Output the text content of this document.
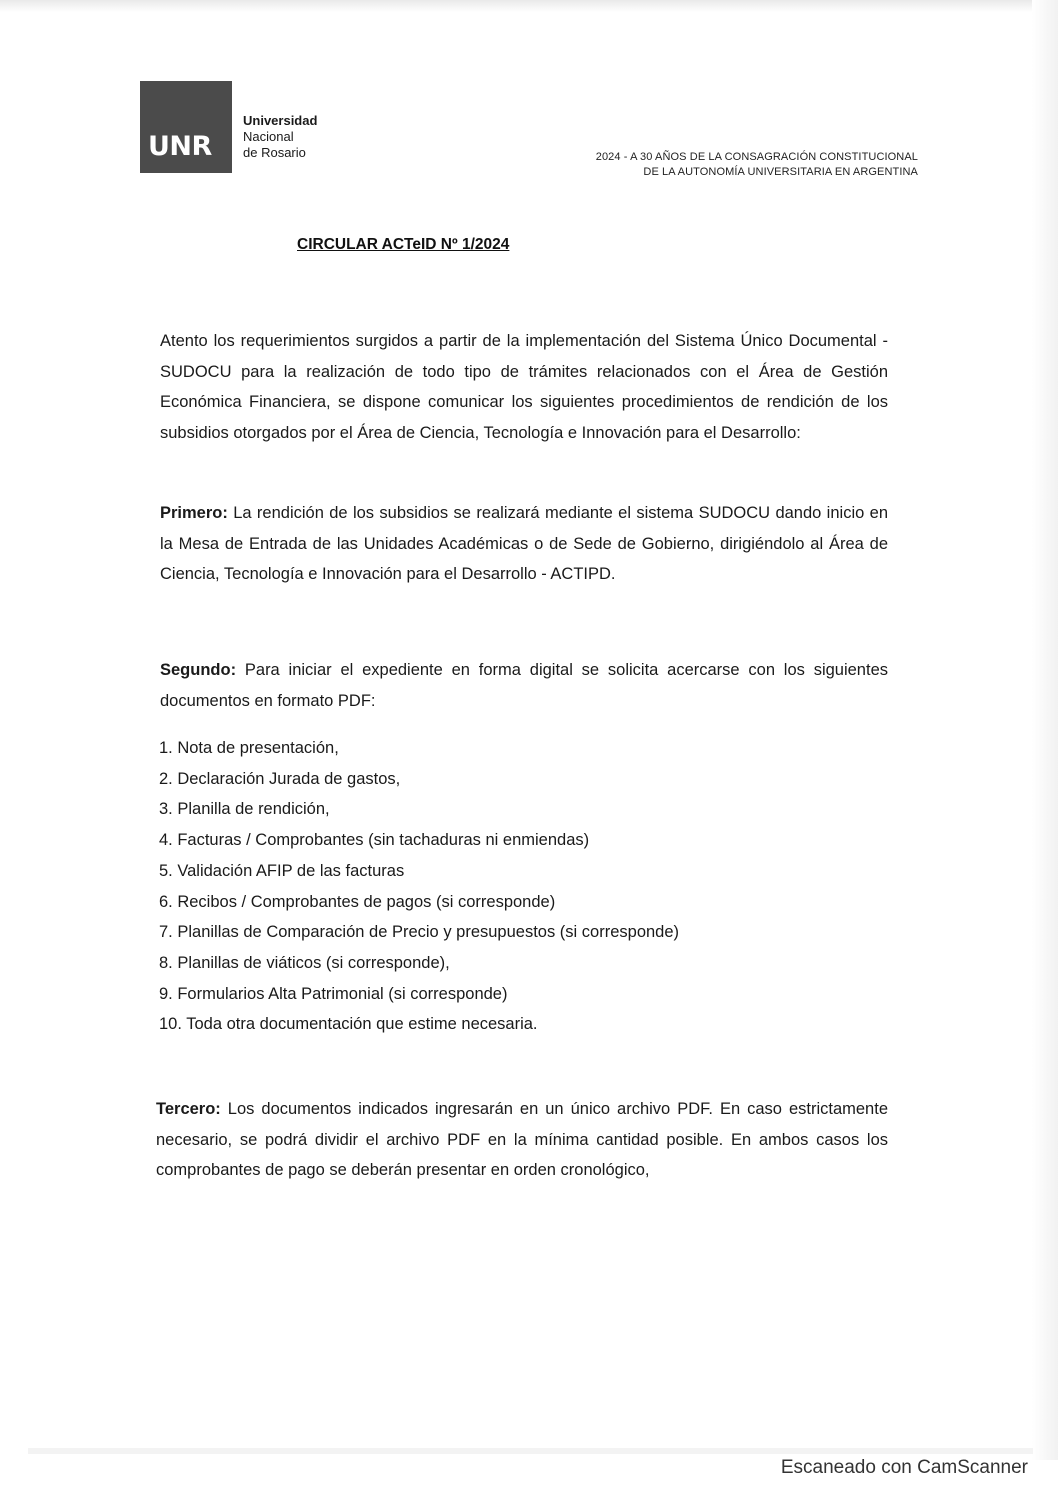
UNR
Universidad
Nacional
de Rosario	2024 - A 30 AÑOS DE LA CONSAGRACIÓN CONSTITUCIONAL
DE LA AUTONOMÍA UNIVERSITARIA EN ARGENTINA
CIRCULAR ACTeID Nº 1/2024
Atento los requerimientos surgidos a partir de la implementación del Sistema Único Documental -SUDOCU para la realización de todo tipo de trámites relacionados con el Área de Gestión Económica Financiera, se dispone comunicar los siguientes procedimientos de rendición de los subsidios otorgados por el Área de Ciencia, Tecnología e Innovación para el Desarrollo:
Primero: La rendición de los subsidios se realizará mediante el sistema SUDOCU dando inicio en la Mesa de Entrada de las Unidades Académicas o de Sede de Gobierno, dirigiéndolo al Área de Ciencia, Tecnología e Innovación para el Desarrollo - ACTIPD.
Segundo: Para iniciar el expediente en forma digital se solicita acercarse con los siguientes documentos en formato PDF:
1. Nota de presentación,
2. Declaración Jurada de gastos,
3. Planilla de rendición,
4. Facturas / Comprobantes (sin tachaduras ni enmiendas)
5. Validación AFIP de las facturas
6. Recibos / Comprobantes de pagos (si corresponde)
7. Planillas de Comparación de Precio y presupuestos (si corresponde)
8. Planillas de viáticos (si corresponde),
9. Formularios Alta Patrimonial (si corresponde)
10. Toda otra documentación que estime necesaria.
Tercero: Los documentos indicados ingresarán en un único archivo PDF. En caso estrictamente necesario, se podrá dividir el archivo PDF en la mínima cantidad posible. En ambos casos los comprobantes de pago se deberán presentar en orden cronológico,
Escaneado con CamScanner
